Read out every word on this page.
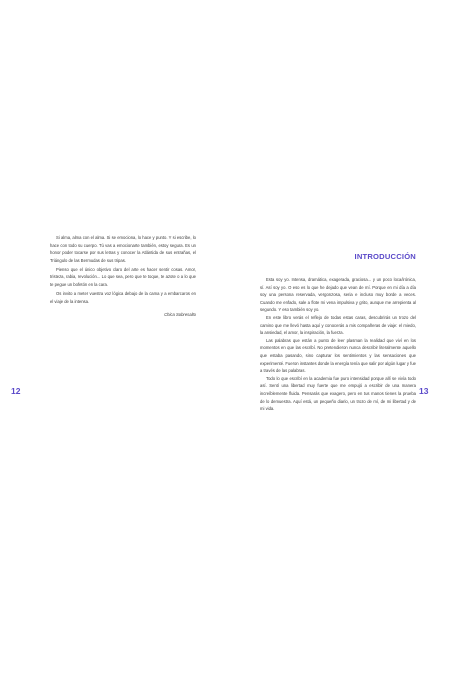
Si alma, alma con el alma. Si se emociona, lo hace y punto. Y si escribe, lo hace con todo su cuerpo. Tú vas a emocionarte también, estoy segura. Es un honor poder tocarse por sus letras y conocer la Atlántida de sus entrañas, el Triángulo de las Bermudas de sus tripas.

Pienso que el único objetivo claro del arte es hacer sentir cosas. Amor, tristeza, rabia, revolución... Lo que sea, pero que te toque, te azote o a lo que te pegue un bofetón en la cara.

Os invito a meter vuestra voz lógica debajo de la cama y a embarcaros en el viaje de la intensa.

Chica Sobresalto
12
INTRODUCCIÓN

Esta soy yo. Intensa, dramática, exagerada, graciosa... y un poco loca/irónica, sí. Así soy yo. O eso es lo que he dejado que vean de mí. Porque en mi día a día soy una persona reservada, vergonzosa, seria e incluso muy borde a veces. Cuando me enfado, sale a flote mi vena impulsiva y grito, aunque me arrepienta al segundo. Y eso también soy yo.

En este libro verás el reflejo de todas estas caras, descubrirás un trozo del camino que me llevó hasta aquí y conocerás a mis compañeras de viaje: el miedo, la ansiedad, el amor, la inspiración, la fuerza.

Las palabras que están a punto de leer plasman la realidad que viví en los momentos en que las escribí. No pretendieron nunca describir literalmente aquello que estaba pasando, sino capturar los sentimientos y las sensaciones que experimenté. Fueron instantes donde la energía tenía que salir por algún lugar y fue a través de las palabras.

Todo lo que escribí en la academia fue puro intensidad porque allí se vivía todo así. Sentí una libertad muy fuerte que me empujó a escribir de una manera increíblemente fluida. Pensarás que exagero, pero en tus manos tienes la prueba de lo demuestra. Aquí está, un pequeño diario, un trozo de mí, de mi libertad y de mi vida.

13
